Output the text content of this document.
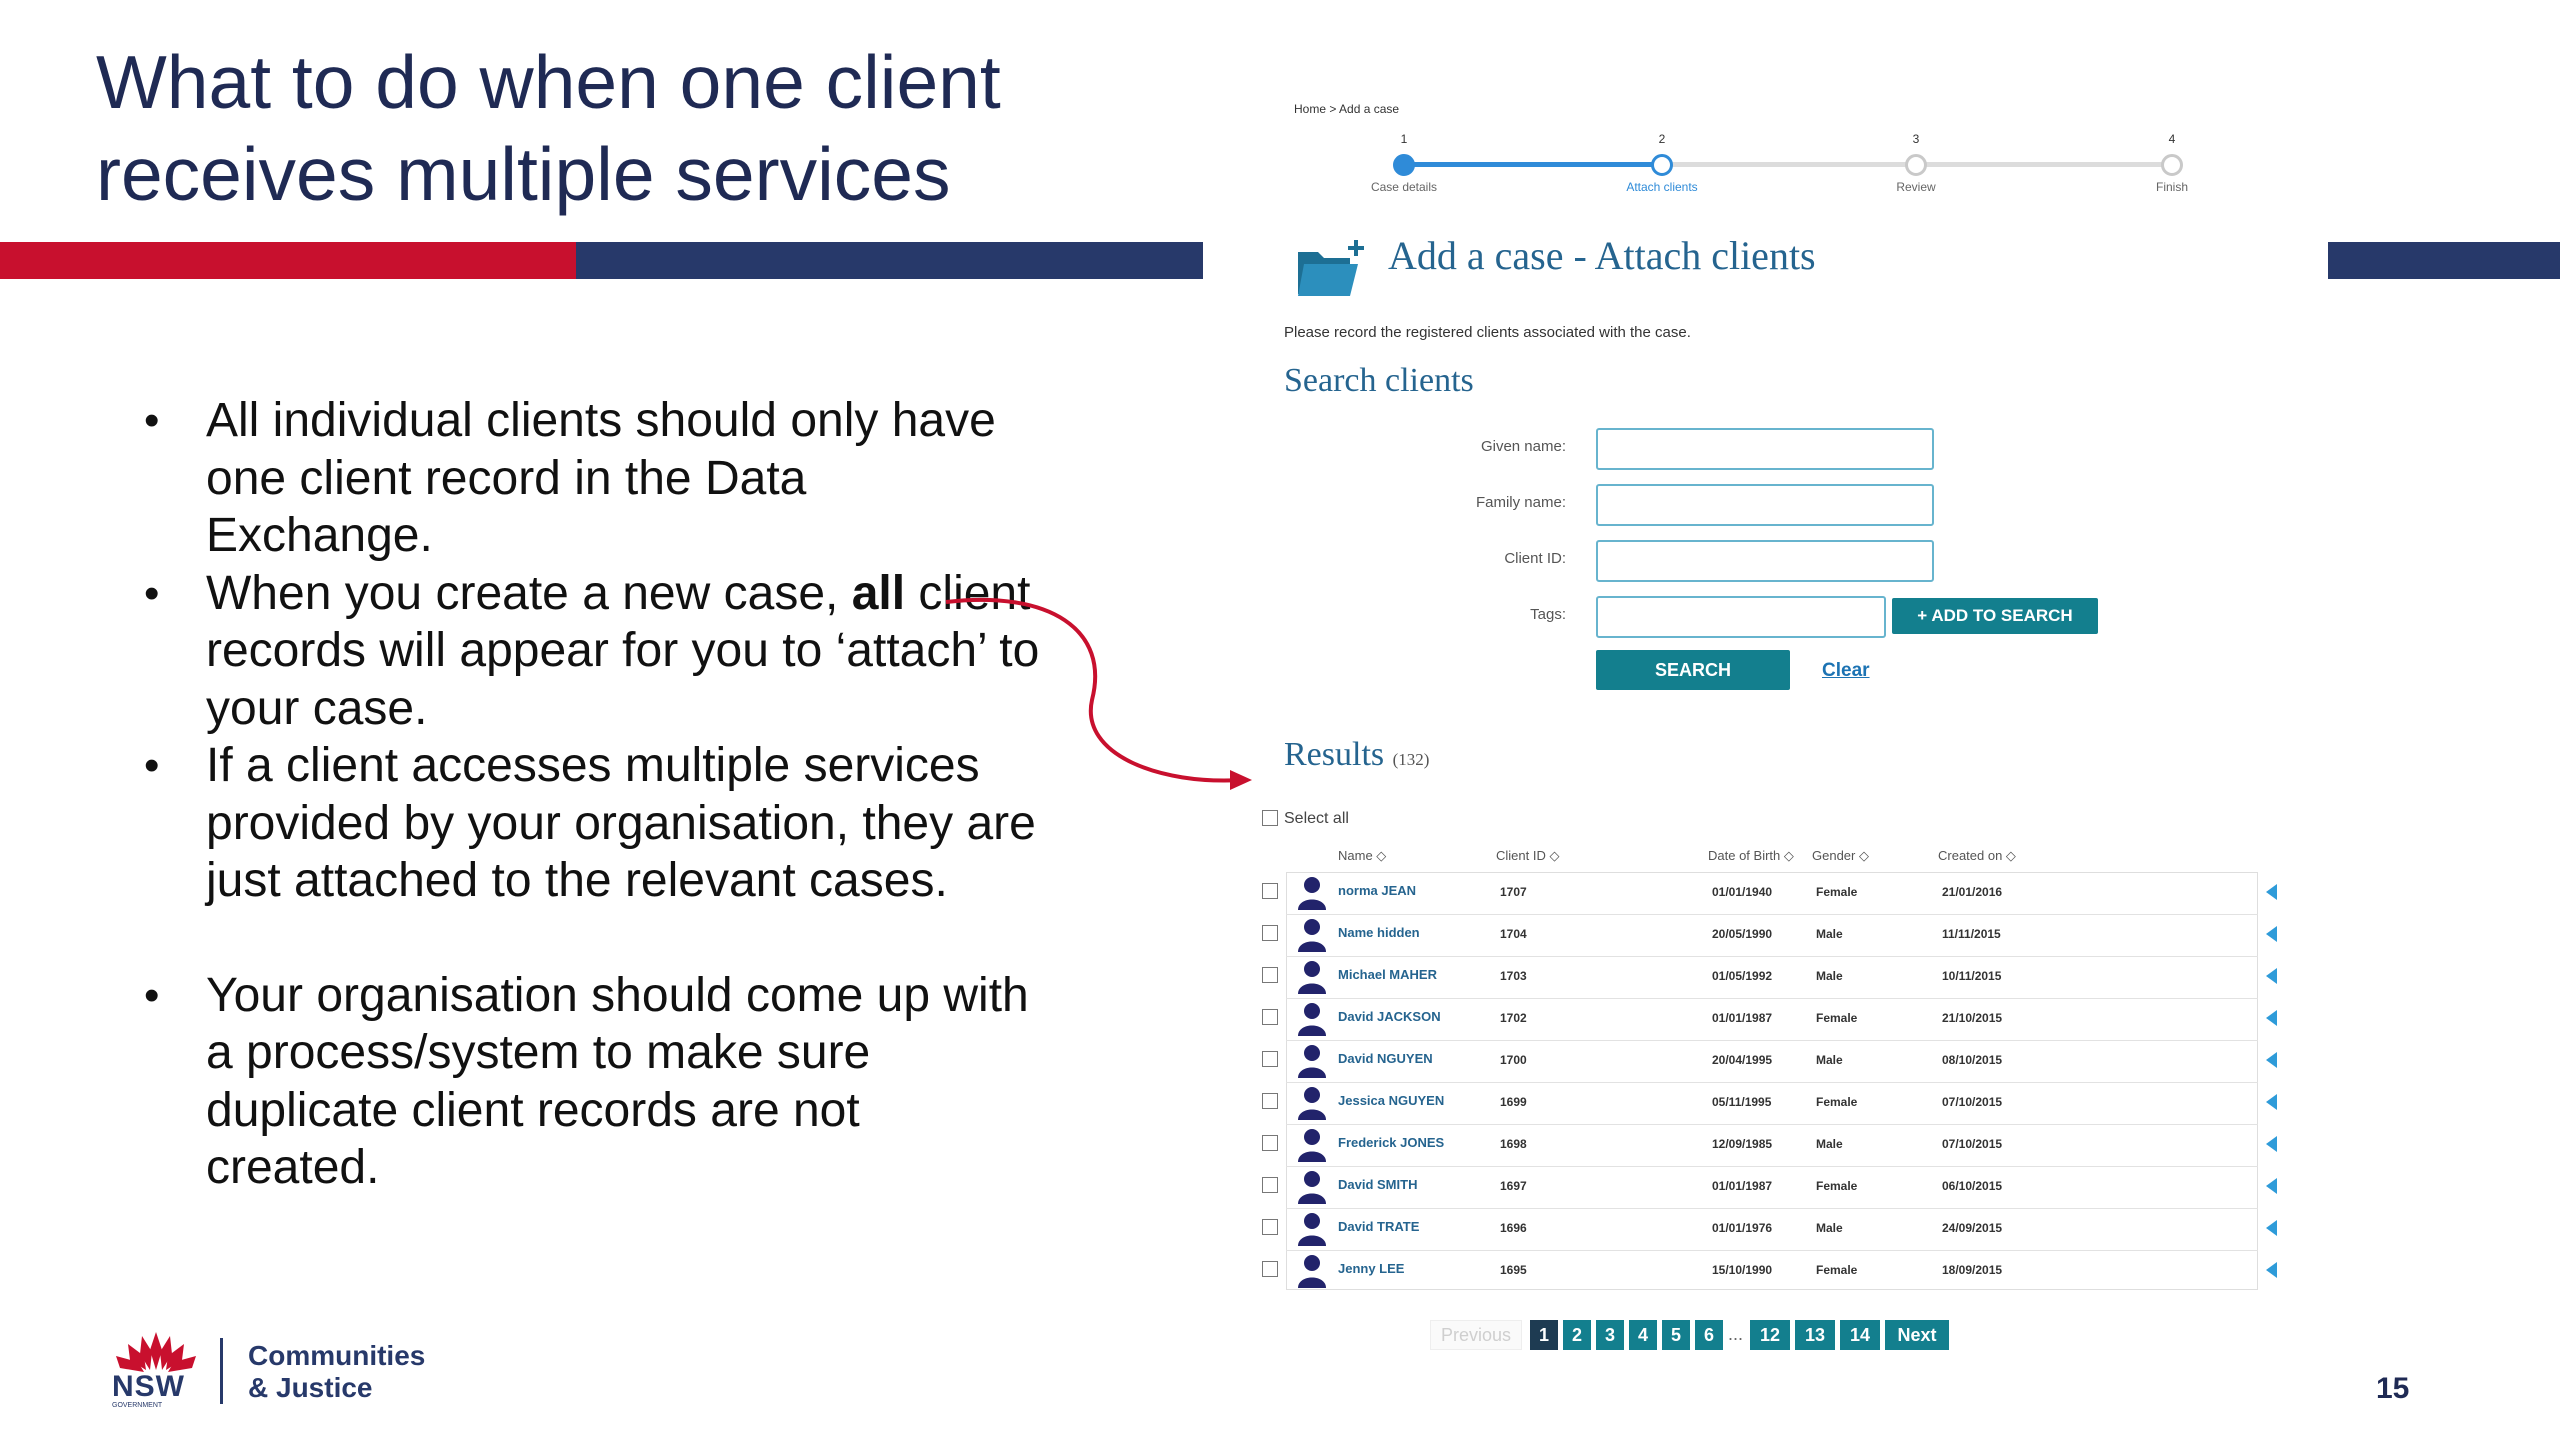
What to do when one client
receives multiple services
• All individual clients should only have one client record in the Data Exchange.
• When you create a new case, all client records will appear for you to ‘attach’ to your case.
• If a client accesses multiple services provided by your organisation, they are just attached to the relevant cases.
• Your organisation should come up with a process/system to make sure duplicate client records are not created.
NSW
GOVERNMENT
Communities
& Justice	15
Home > Add a case
1
Case details
2
Attach clients
3
Review
4
Finish
Add a case - Attach clients
Please record the registered clients associated with the case.
Search clients
Given name:
Family name:
Client ID:
Tags:	+ ADD TO SEARCH
SEARCH	Clear
Results (132)
Select all
Name ◇	Client ID ◇	Date of Birth ◇ Gender ◇	Created on ◇
norma JEAN	1707	01/01/1940	Female	21/01/2016
Name hidden	1704	20/05/1990	Male	11/11/2015
Michael MAHER	1703	01/05/1992	Male	10/11/2015
David JACKSON	1702	01/01/1987	Female	21/10/2015
David NGUYEN	1700	20/04/1995	Male	08/10/2015
Jessica NGUYEN	1699	05/11/1995	Female	07/10/2015
Frederick JONES	1698	12/09/1985	Male	07/10/2015
David SMITH	1697	01/01/1987	Female	06/10/2015
David TRATE	1696	01/01/1976	Male	24/09/2015
Jenny LEE	1695	15/10/1990	Female	18/09/2015
Previous	1	2	3	4	5	6 ... 12	13	14	Next
